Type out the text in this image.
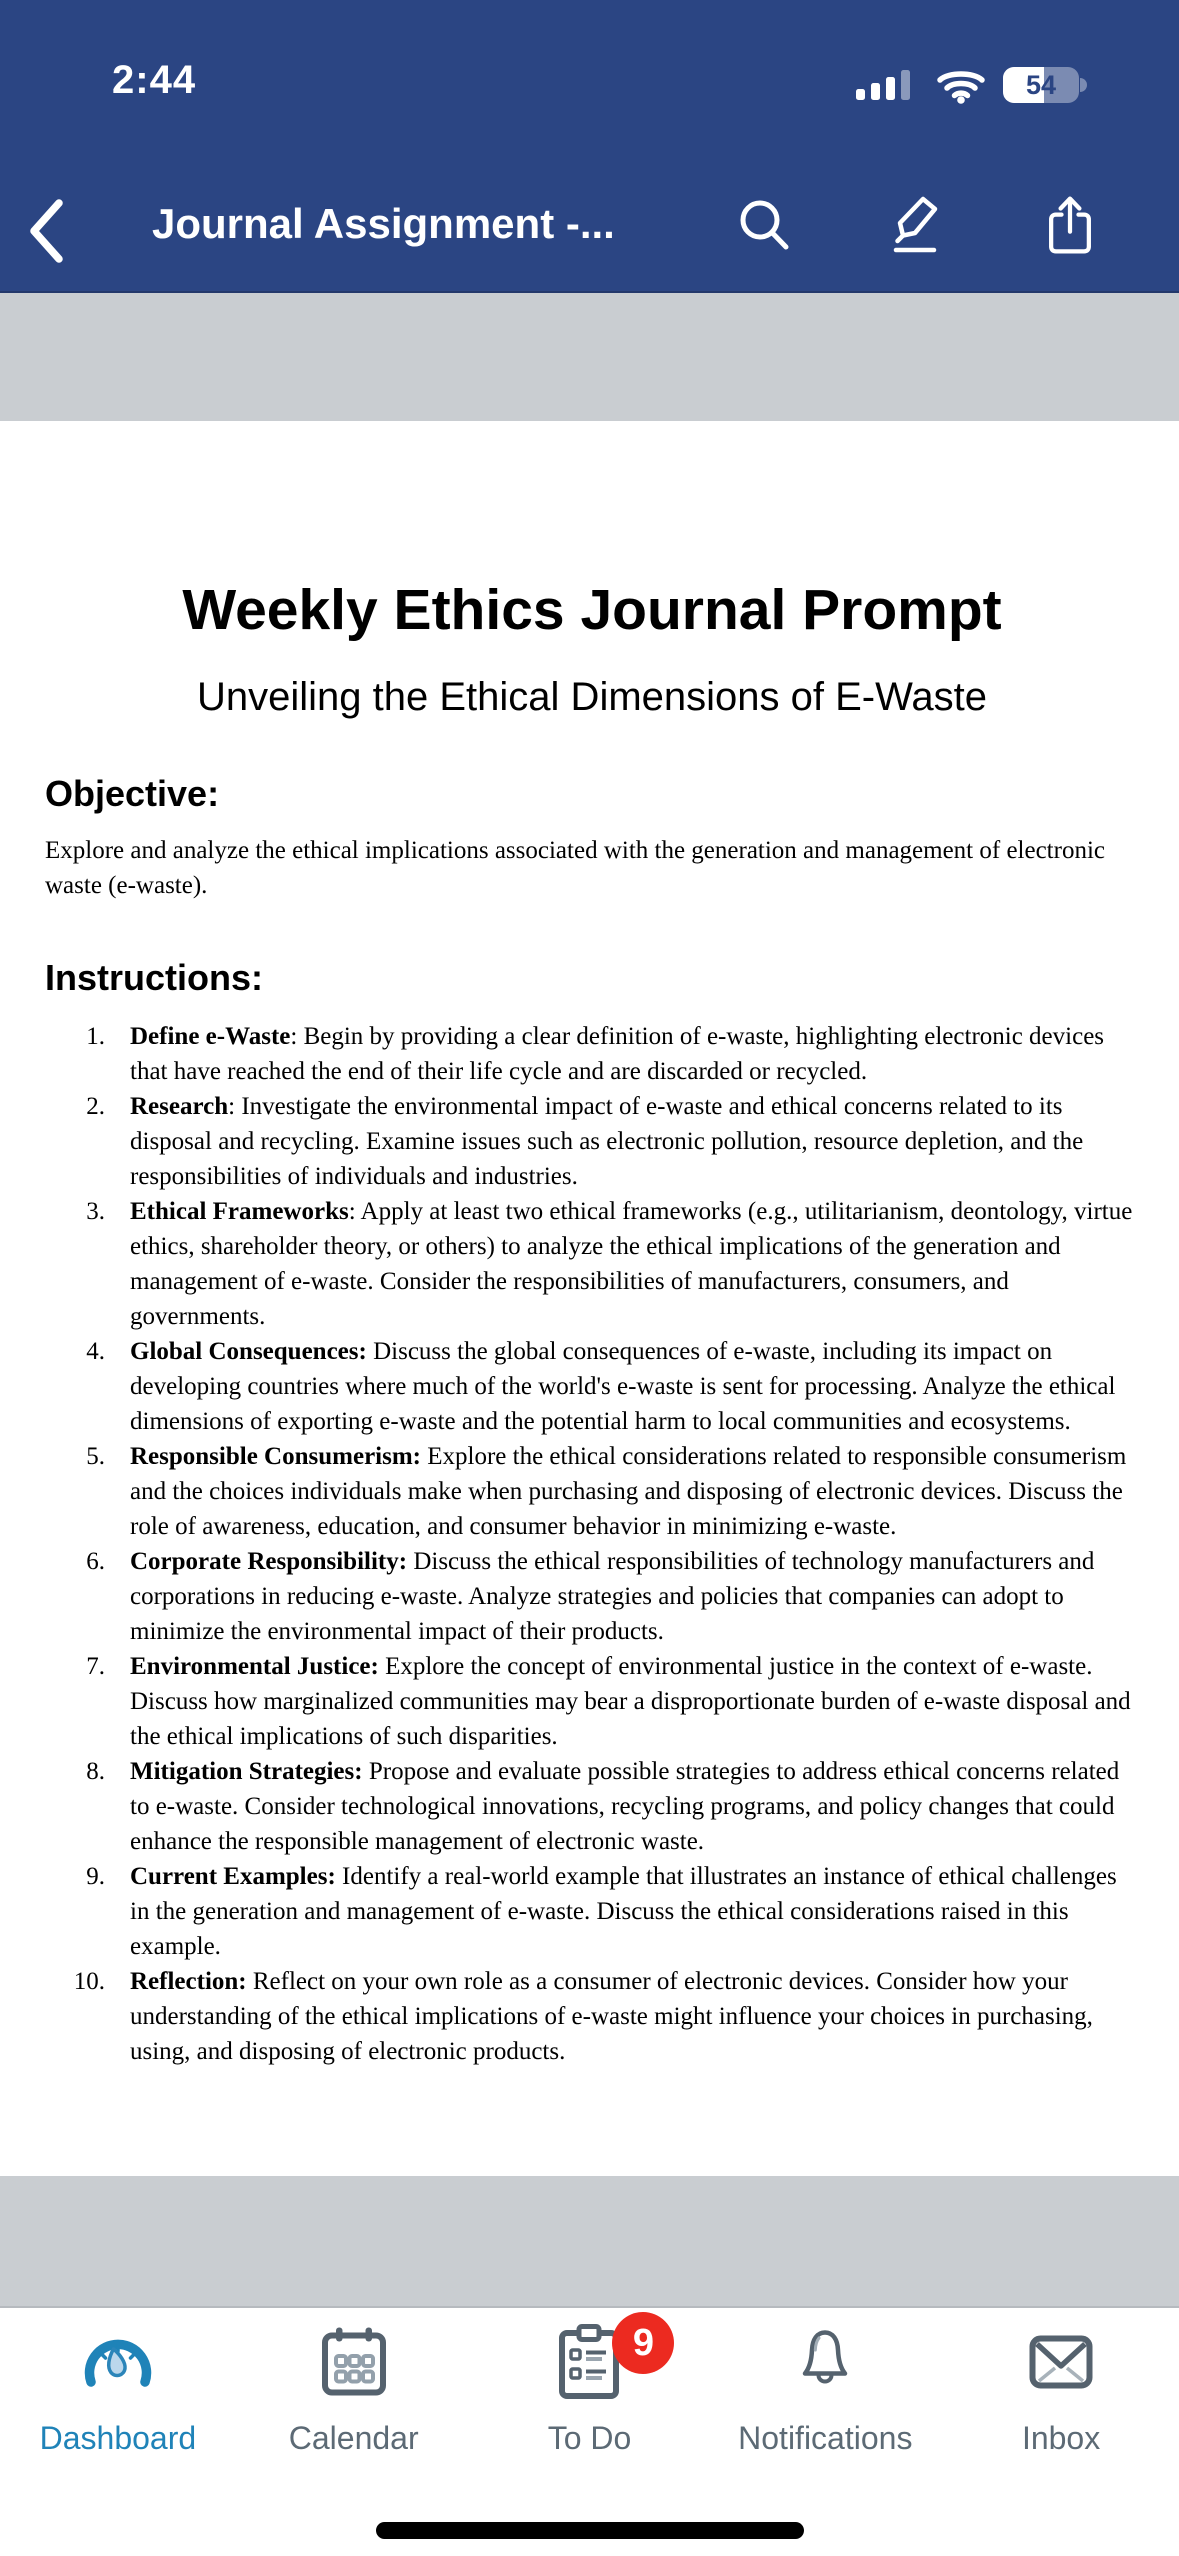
2:44	54
Journal Assignment -...
Weekly Ethics Journal Prompt
Unveiling the Ethical Dimensions of E-Waste
Objective:

Explore and analyze the ethical implications associated with the generation and management of electronic waste (e-waste).

Instructions:
1. Define e-Waste: Begin by providing a clear definition of e-waste, highlighting electronic devices that have reached the end of their life cycle and are discarded or recycled.
2. Research: Investigate the environmental impact of e-waste and ethical concerns related to its disposal and recycling. Examine issues such as electronic pollution, resource depletion, and the responsibilities of individuals and industries.
3. Ethical Frameworks: Apply at least two ethical frameworks (e.g., utilitarianism, deontology, virtue ethics, shareholder theory, or others) to analyze the ethical implications of the generation and management of e-waste. Consider the responsibilities of manufacturers, consumers, and governments.
4. Global Consequences: Discuss the global consequences of e-waste, including its impact on developing countries where much of the world's e-waste is sent for processing. Analyze the ethical dimensions of exporting e-waste and the potential harm to local communities and ecosystems.
5. Responsible Consumerism: Explore the ethical considerations related to responsible consumerism and the choices individuals make when purchasing and disposing of electronic devices. Discuss the role of awareness, education, and consumer behavior in minimizing e-waste.
6. Corporate Responsibility: Discuss the ethical responsibilities of technology manufacturers and corporations in reducing e-waste. Analyze strategies and policies that companies can adopt to minimize the environmental impact of their products.
7. Environmental Justice: Explore the concept of environmental justice in the context of e-waste. Discuss how marginalized communities may bear a disproportionate burden of e-waste disposal and the ethical implications of such disparities.
8. Mitigation Strategies: Propose and evaluate possible strategies to address ethical concerns related to e-waste. Consider technological innovations, recycling programs, and policy changes that could enhance the responsible management of electronic waste.
9. Current Examples: Identify a real-world example that illustrates an instance of ethical challenges in the generation and management of e-waste. Discuss the ethical considerations raised in this example.
10. Reflection: Reflect on your own role as a consumer of electronic devices. Consider how your understanding of the ethical implications of e-waste might influence your choices in purchasing, using, and disposing of electronic products.
Dashboard	Calendar
9
To Do	Notifications	Inbox
